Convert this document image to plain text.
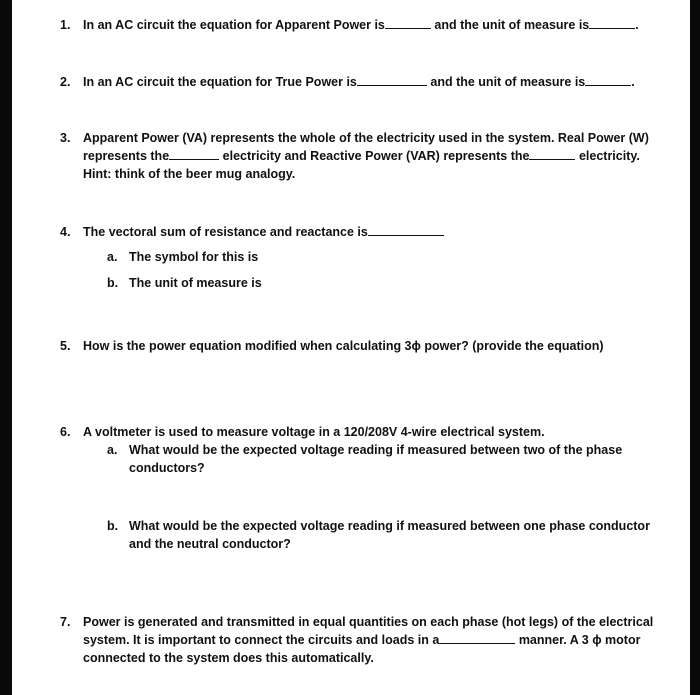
1. In an AC circuit the equation for Apparent Power is	and the unit of measure is	.
2. In an AC circuit the equation for True Power is	and the unit of measure is	.
3. Apparent Power (VA) represents the whole of the electricity used in the system. Real Power (W)
represents the	electricity and Reactive Power (VAR) represents the	electricity.
Hint: think of the beer mug analogy.
4. The vectoral sum of resistance and reactance is
a. The symbol for this is
b. The unit of measure is
5. How is the power equation modified when calculating 3ϕ power? (provide the equation)
6. A voltmeter is used to measure voltage in a 120/208V 4-wire electrical system.
a. What would be the expected voltage reading if measured between two of the phase
conductors?
b. What would be the expected voltage reading if measured between one phase conductor
and the neutral conductor?
7. Power is generated and transmitted in equal quantities on each phase (hot legs) of the electrical
system. It is important to connect the circuits and loads in a	manner. A 3 ϕ motor
connected to the system does this automatically.
